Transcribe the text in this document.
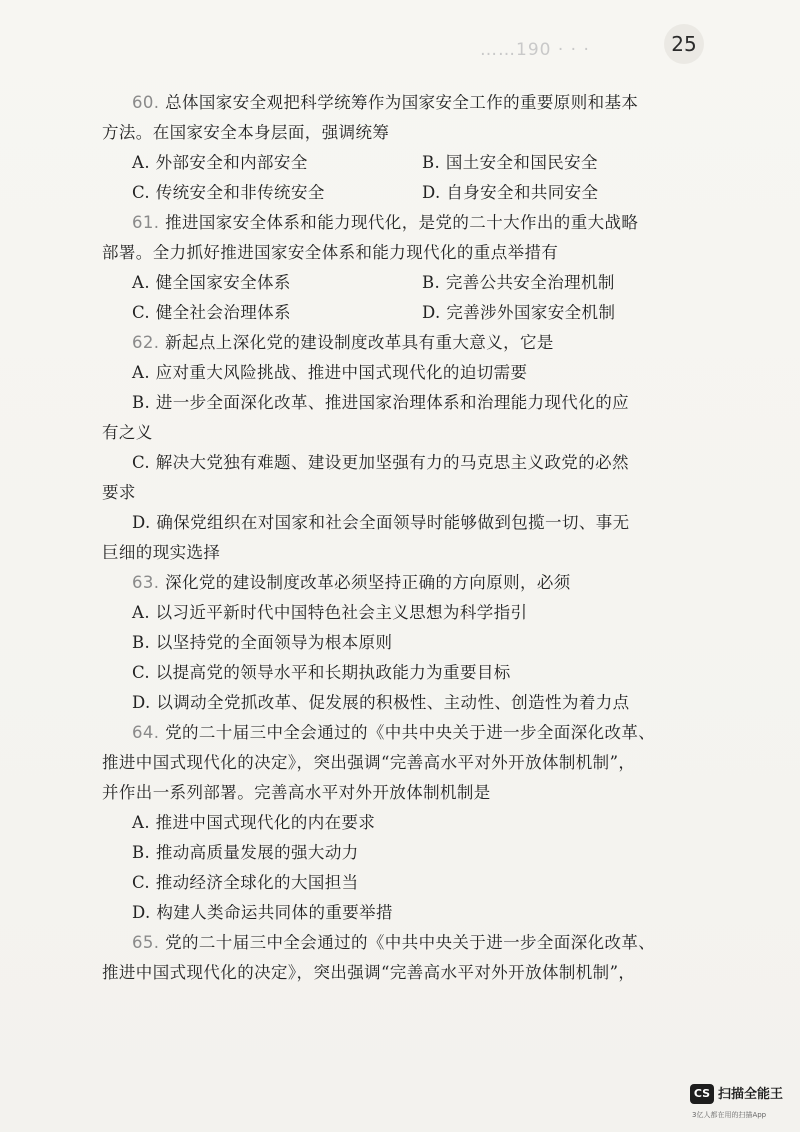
……190 · · ·	25
60. 总体国家安全观把科学统筹作为国家安全工作的重要原则和基本
方法。在国家安全本身层面，强调统筹
A. 外部安全和内部安全	B. 国土安全和国民安全
C. 传统安全和非传统安全	D. 自身安全和共同安全
61. 推进国家安全体系和能力现代化，是党的二十大作出的重大战略
部署。全力抓好推进国家安全体系和能力现代化的重点举措有
A. 健全国家安全体系	B. 完善公共安全治理机制
C. 健全社会治理体系	D. 完善涉外国家安全机制
62. 新起点上深化党的建设制度改革具有重大意义，它是
A. 应对重大风险挑战、推进中国式现代化的迫切需要
B. 进一步全面深化改革、推进国家治理体系和治理能力现代化的应
有之义
C. 解决大党独有难题、建设更加坚强有力的马克思主义政党的必然
要求
D. 确保党组织在对国家和社会全面领导时能够做到包揽一切、事无
巨细的现实选择
63. 深化党的建设制度改革必须坚持正确的方向原则，必须
A. 以习近平新时代中国特色社会主义思想为科学指引
B. 以坚持党的全面领导为根本原则
C. 以提高党的领导水平和长期执政能力为重要目标
D. 以调动全党抓改革、促发展的积极性、主动性、创造性为着力点
64. 党的二十届三中全会通过的《中共中央关于进一步全面深化改革、
推进中国式现代化的决定》，突出强调“完善高水平对外开放体制机制”，
并作出一系列部署。完善高水平对外开放体制机制是
A. 推进中国式现代化的内在要求
B. 推动高质量发展的强大动力
C. 推动经济全球化的大国担当
D. 构建人类命运共同体的重要举措
65. 党的二十届三中全会通过的《中共中央关于进一步全面深化改革、
推进中国式现代化的决定》，突出强调“完善高水平对外开放体制机制”，
CS 扫描全能王
3亿人都在用的扫描App
